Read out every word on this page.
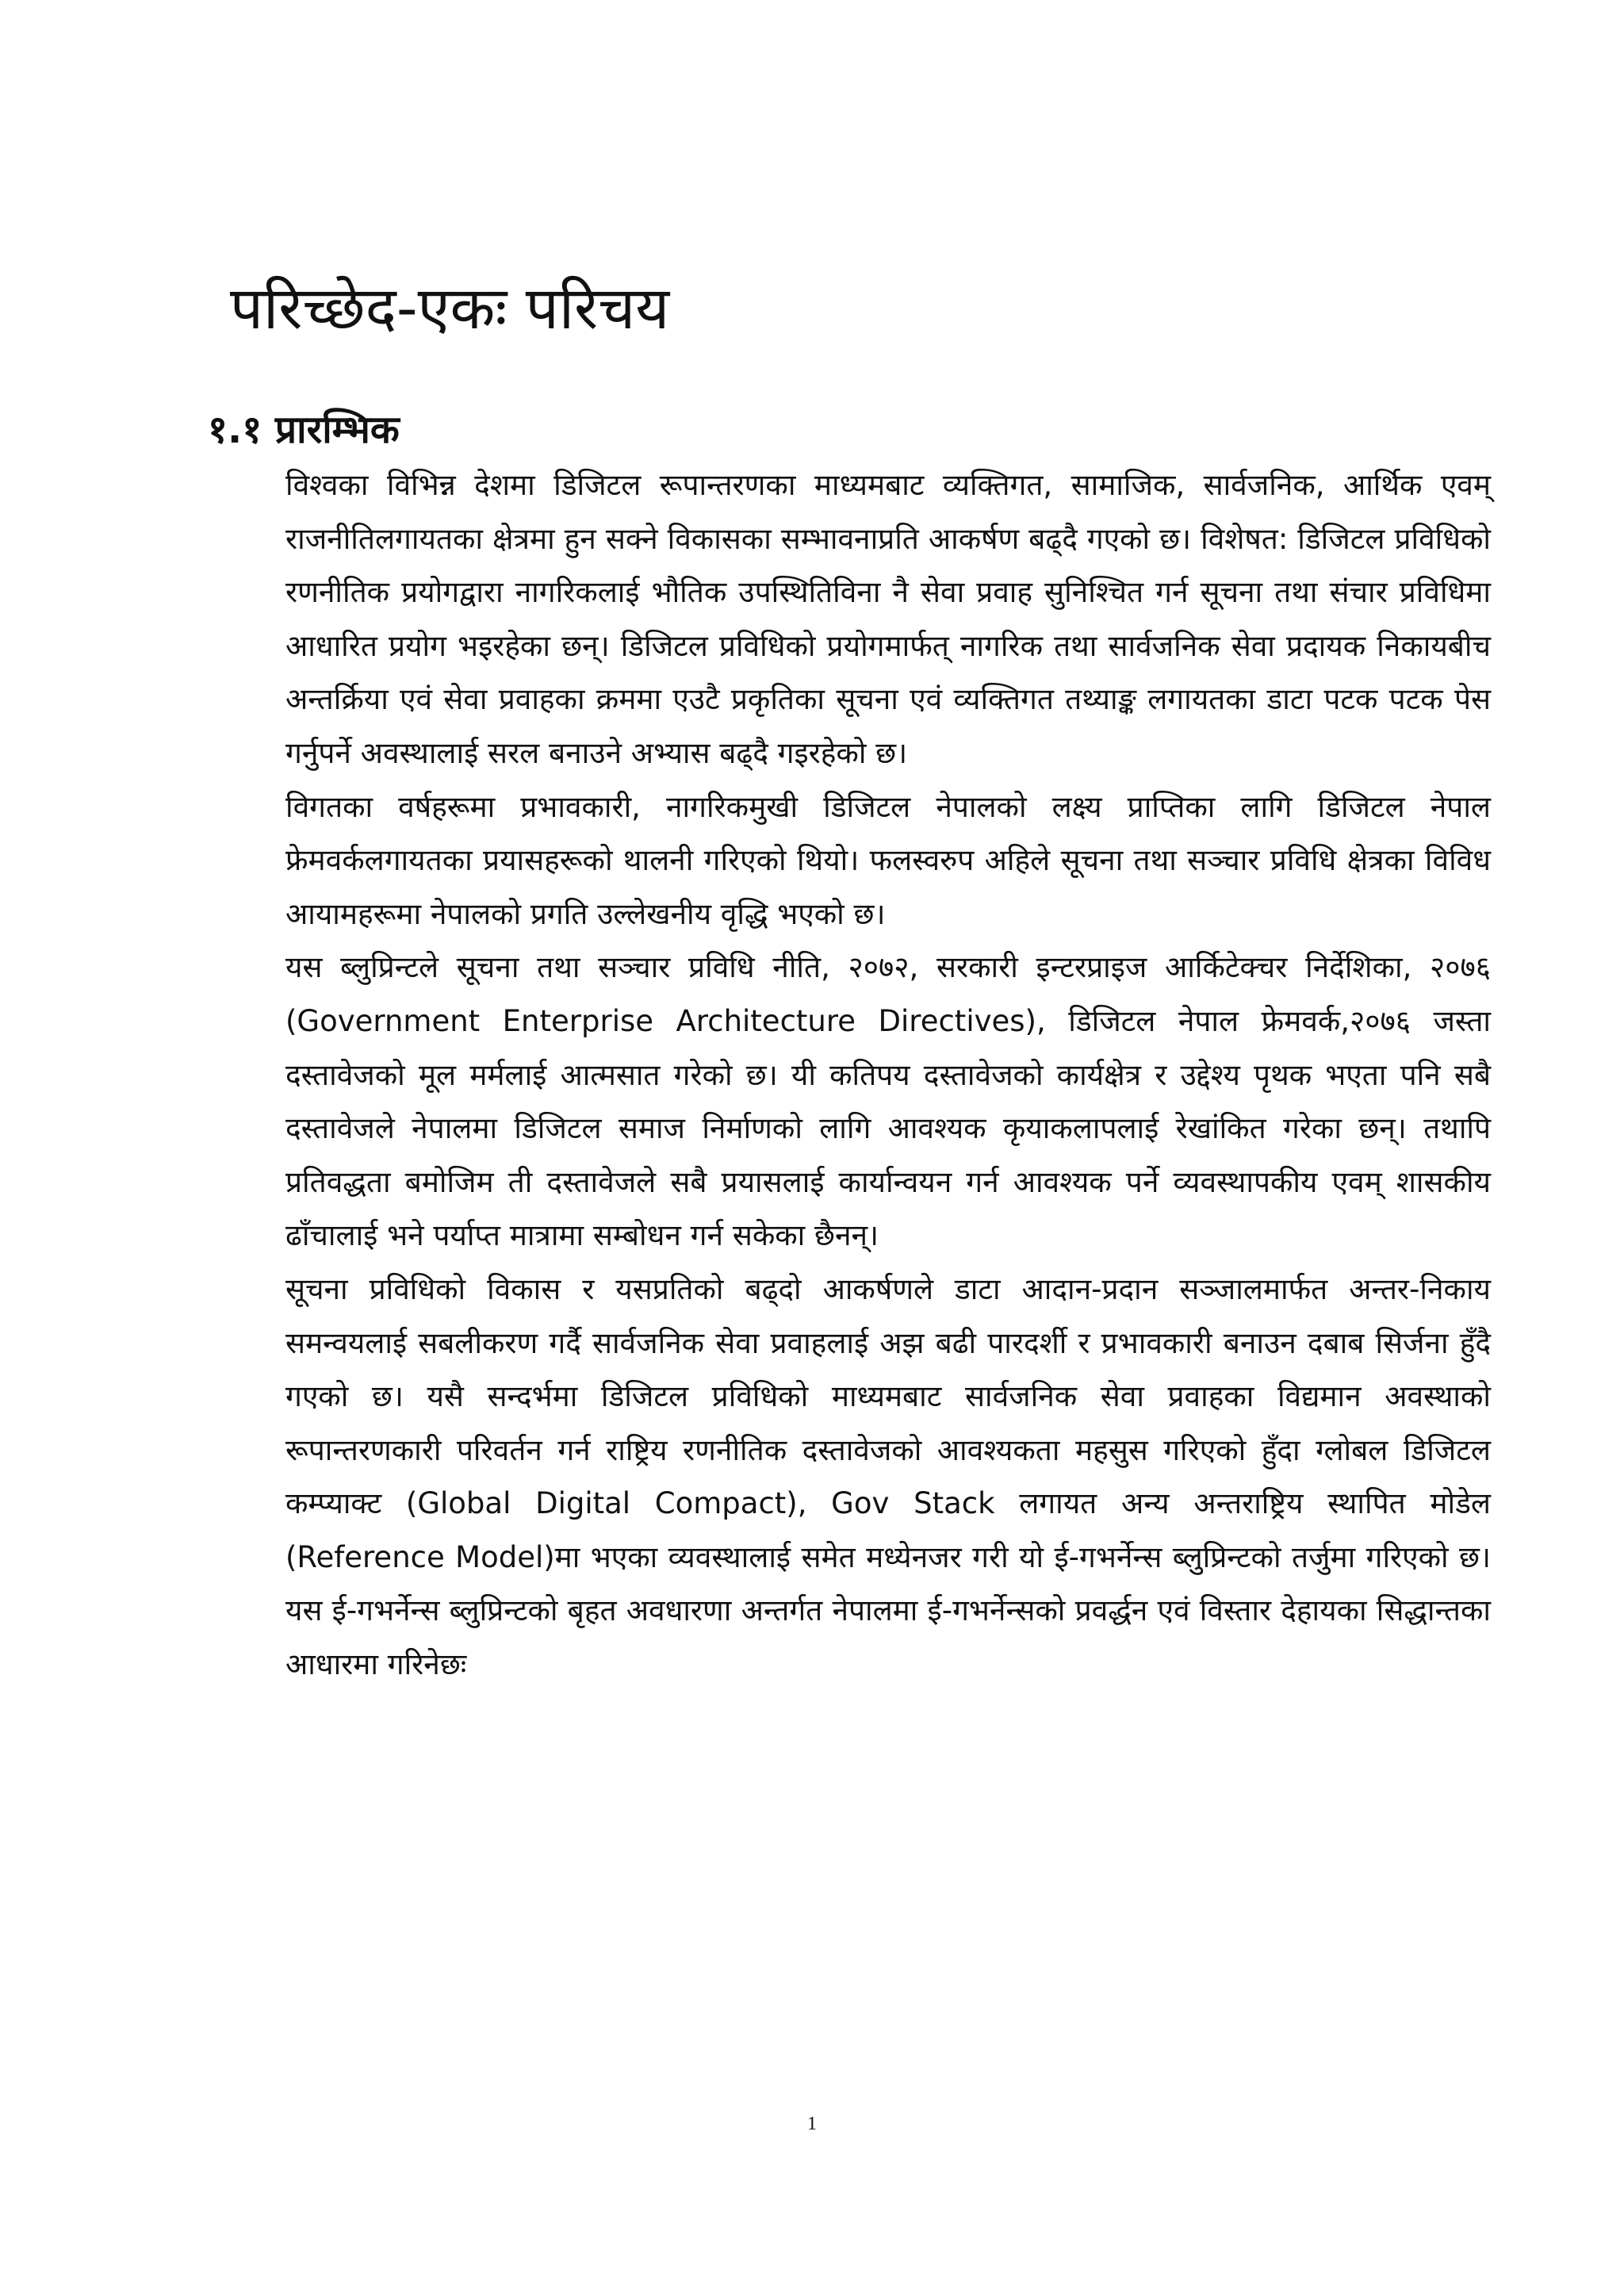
परिच्छेद-एकः परिचय
१.१ प्रारम्भिक

विश्वका विभिन्न देशमा डिजिटल रूपान्तरणका माध्यमबाट व्यक्तिगत, सामाजिक, सार्वजनिक, आर्थिक एवम् राजनीतिलगायतका क्षेत्रमा हुन सक्ने विकासका सम्भावनाप्रति आकर्षण बढ्दै गएको छ। विशेषत: डिजिटल प्रविधिको रणनीतिक प्रयोगद्वारा नागरिकलाई भौतिक उपस्थितिविना नै सेवा प्रवाह सुनिश्चित गर्न सूचना तथा संचार प्रविधिमा आधारित प्रयोग भइरहेका छन्। डिजिटल प्रविधिको प्रयोगमार्फत् नागरिक तथा सार्वजनिक सेवा प्रदायक निकायबीच अन्तर्क्रिया एवं सेवा प्रवाहका क्रममा एउटै प्रकृतिका सूचना एवं व्यक्तिगत तथ्याङ्क लगायतका डाटा पटक पटक पेस गर्नुपर्ने अवस्थालाई सरल बनाउने अभ्यास बढ्दै गइरहेको छ।

विगतका वर्षहरूमा प्रभावकारी, नागरिकमुखी डिजिटल नेपालको लक्ष्य प्राप्तिका लागि डिजिटल नेपाल फ्रेमवर्कलगायतका प्रयासहरूको थालनी गरिएको थियो। फलस्वरुप अहिले सूचना तथा सञ्चार प्रविधि क्षेत्रका विविध आयामहरूमा नेपालको प्रगति उल्लेखनीय वृद्धि भएको छ।

यस ब्लुप्रिन्टले सूचना तथा सञ्चार प्रविधि नीति, २०७२, सरकारी इन्टरप्राइज आर्किटेक्चर निर्देशिका, २०७६ (Government Enterprise Architecture Directives), डिजिटल नेपाल फ्रेमवर्क,२०७६ जस्ता दस्तावेजको मूल मर्मलाई आत्मसात गरेको छ। यी कतिपय दस्तावेजको कार्यक्षेत्र र उद्देश्य पृथक भएता पनि सबै दस्तावेजले नेपालमा डिजिटल समाज निर्माणको लागि आवश्यक कृयाकलापलाई रेखांकित गरेका छन्। तथापि प्रतिवद्धता बमोजिम ती दस्तावेजले सबै प्रयासलाई कार्यान्वयन गर्न आवश्यक पर्ने व्यवस्थापकीय एवम् शासकीय ढाँचालाई भने पर्याप्त मात्रामा सम्बोधन गर्न सकेका छैनन्।

सूचना प्रविधिको विकास र यसप्रतिको बढ्दो आकर्षणले डाटा आदान-प्रदान सञ्जालमार्फत अन्तर-निकाय समन्वयलाई सबलीकरण गर्दै सार्वजनिक सेवा प्रवाहलाई अझ बढी पारदर्शी र प्रभावकारी बनाउन दबाब सिर्जना हुँदै गएको छ। यसै सन्दर्भमा डिजिटल प्रविधिको माध्यमबाट सार्वजनिक सेवा प्रवाहका विद्यमान अवस्थाको रूपान्तरणकारी परिवर्तन गर्न राष्ट्रिय रणनीतिक दस्तावेजको आवश्यकता महसुस गरिएको हुँदा ग्लोबल डिजिटल कम्प्याक्ट (Global Digital Compact), Gov Stack लगायत अन्य अन्तराष्ट्रिय स्थापित मोडेल (Reference Model)मा भएका व्यवस्थालाई समेत मध्येनजर गरी यो ई-गभर्नेन्स ब्लुप्रिन्टको तर्जुमा गरिएको छ। यस ई-गभर्नेन्स ब्लुप्रिन्टको बृहत अवधारणा अन्तर्गत नेपालमा ई-गभर्नेन्सको प्रवर्द्धन एवं विस्तार देहायका सिद्धान्तका आधारमा गरिनेछः

1
